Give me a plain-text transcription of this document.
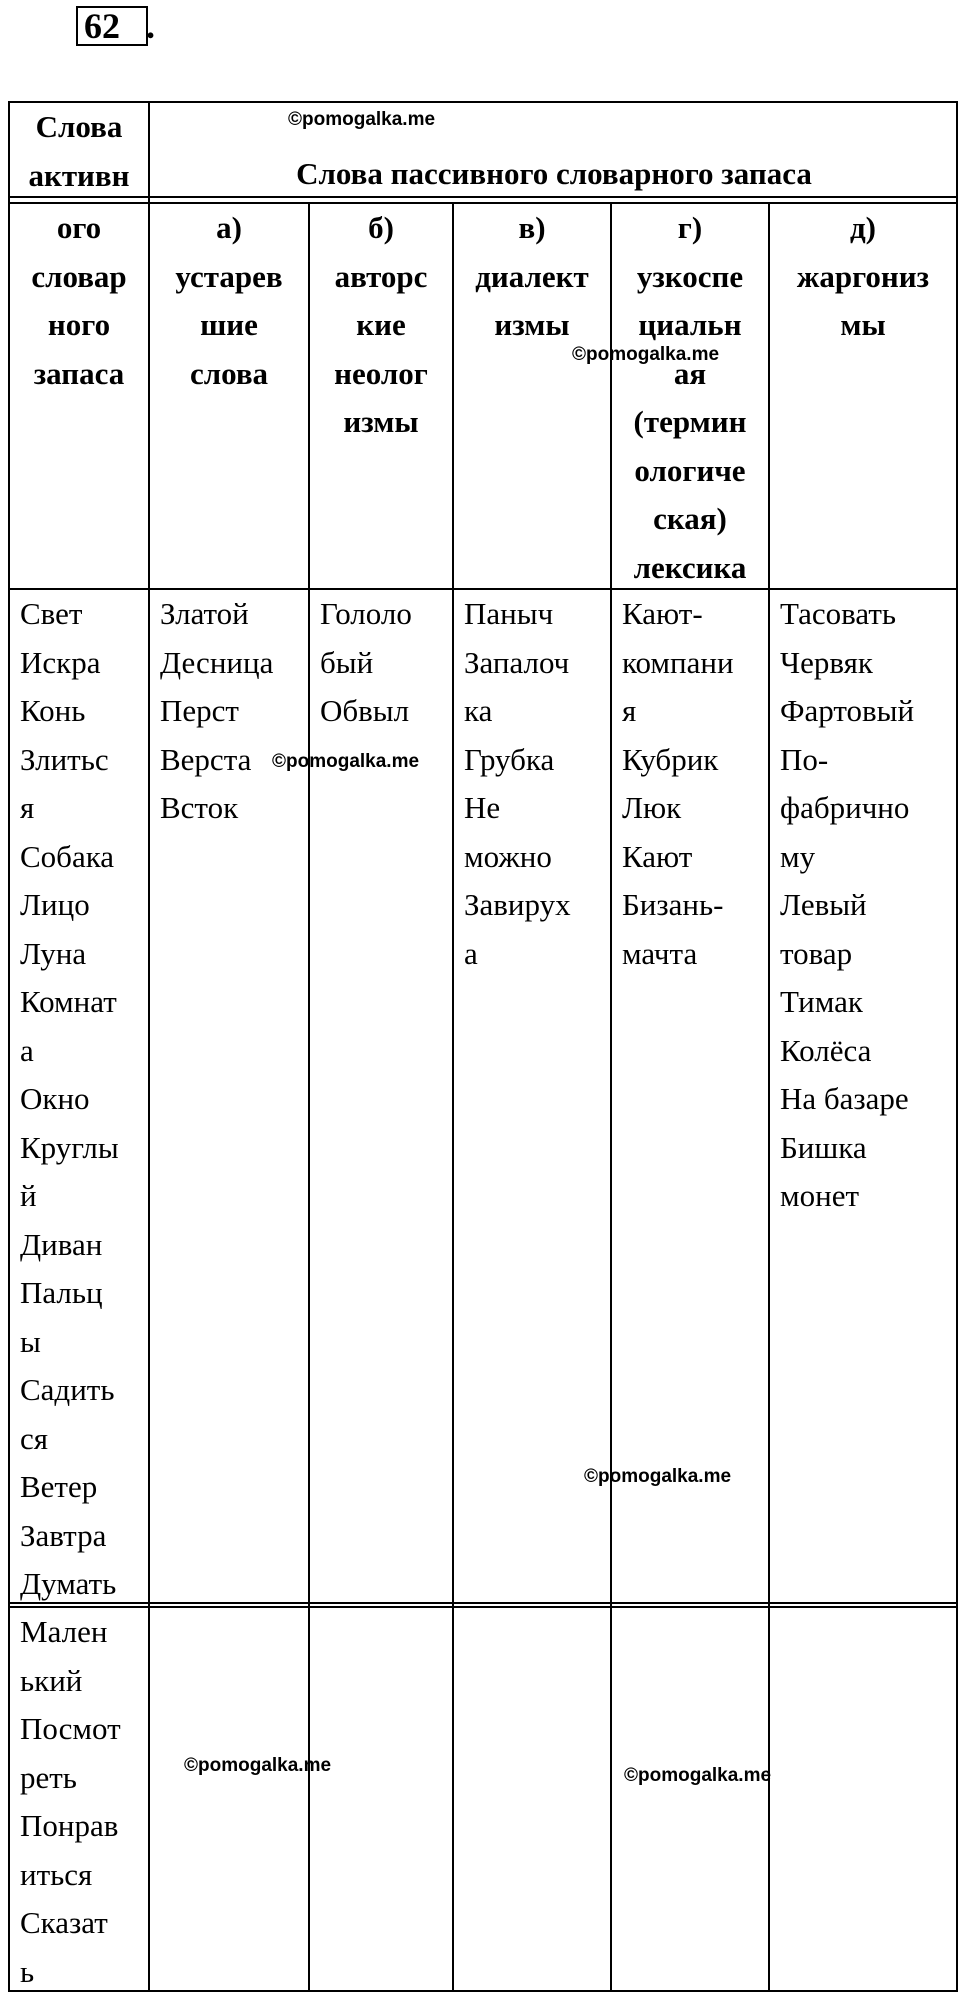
62 .
Слова
активн	Слова пассивного словарного запаса
ого
словар
ного
запаса
а)
устарев
шие
слова
б)
авторс
кие
неолог
измы
в)
диалект
измы
г)
узкоспе
циальн
ая
(термин
ологиче
ская)
лексика
д)
жаргониз
мы
Свет
Искра
Конь
Злитьс
я
Собака
Лицо
Луна
Комнат
а
Окно
Круглы
й
Диван
Пальц
ы
Садить
ся
Ветер
Завтра
Думать
Златой
Десница
Перст
Верста
Всток
Гололо
бый
Обвыл
Паныч
Запалоч
ка
Грубка
Не
можно
Завирух
а
Кают-
компани
я
Кубрик
Люк
Кают
Бизань-
мачта
Тасовать
Червяк
Фартовый
По-
фабрично
му
Левый
товар
Тимак
Колёса
На базаре
Бишка
монет
Мален
ький
Посмот
реть
Понрав
иться
Сказат
ь
©pomogalka.me
©pomogalka.me
©pomogalka.me
©pomogalka.me
©pomogalka.me	©pomogalka.me
